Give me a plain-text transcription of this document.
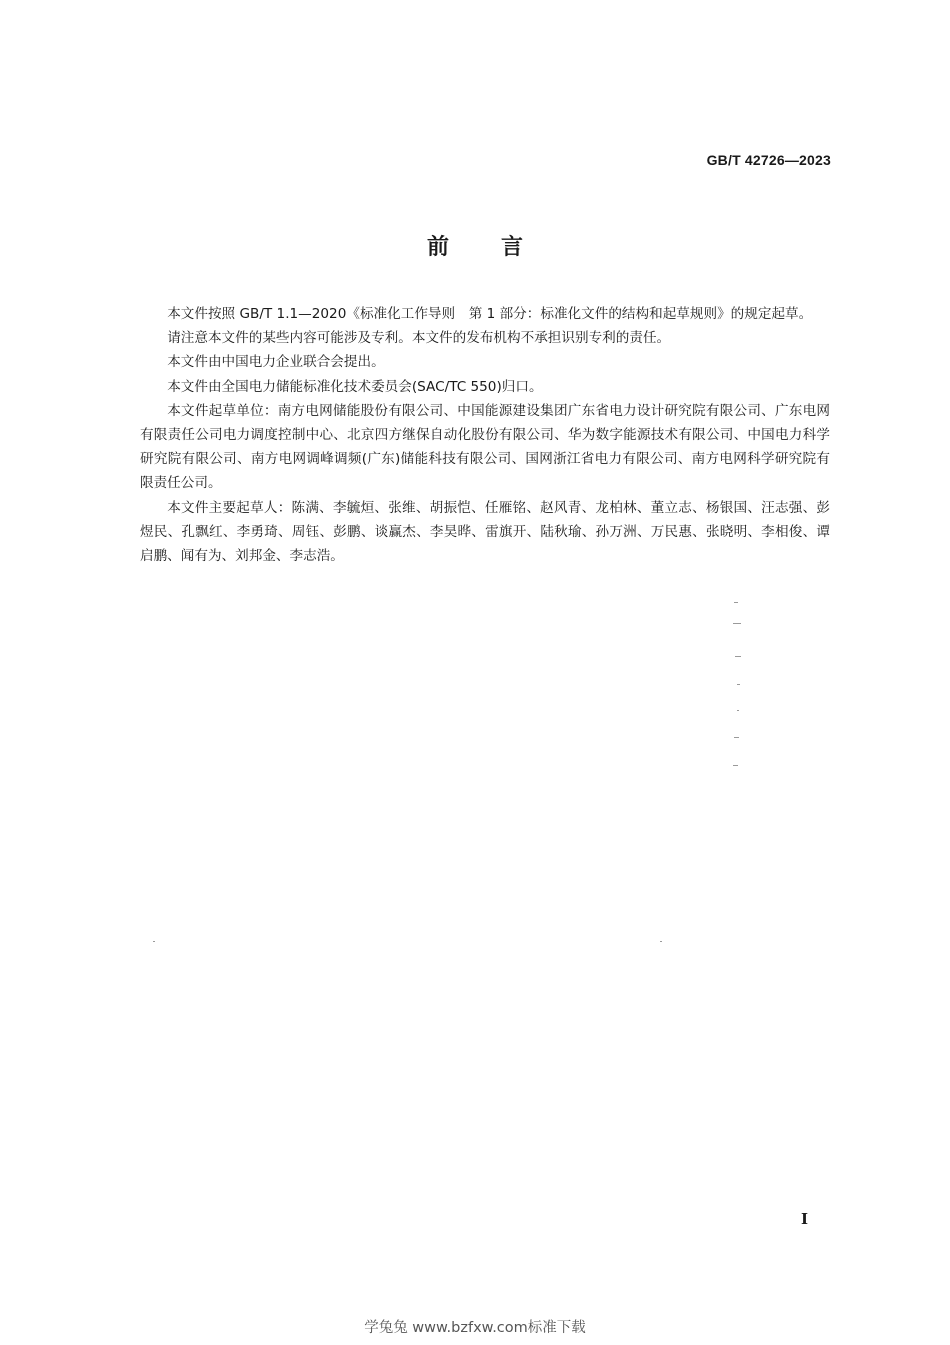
GB/T 42726—2023
前言

本文件按照 GB/T 1.1—2020《标准化工作导则　第 1 部分：标准化文件的结构和起草规则》的规定起草。

请注意本文件的某些内容可能涉及专利。本文件的发布机构不承担识别专利的责任。

本文件由中国电力企业联合会提出。

本文件由全国电力储能标准化技术委员会(SAC/TC 550)归口。

本文件起草单位：南方电网储能股份有限公司、中国能源建设集团广东省电力设计研究院有限公司、广东电网有限责任公司电力调度控制中心、北京四方继保自动化股份有限公司、华为数字能源技术有限公司、中国电力科学研究院有限公司、南方电网调峰调频(广东)储能科技有限公司、国网浙江省电力有限公司、南方电网科学研究院有限责任公司。

本文件主要起草人：陈满、李毓烜、张维、胡振恺、任雁铭、赵风青、龙柏林、董立志、杨银国、汪志强、彭煜民、孔飘红、李勇琦、周钰、彭鹏、谈赢杰、李昊晔、雷旗开、陆秋瑜、孙万洲、万民惠、张晓明、李相俊、谭启鹏、闻有为、刘邦金、李志浩。

I
学兔兔 www.bzfxw.com标准下载
